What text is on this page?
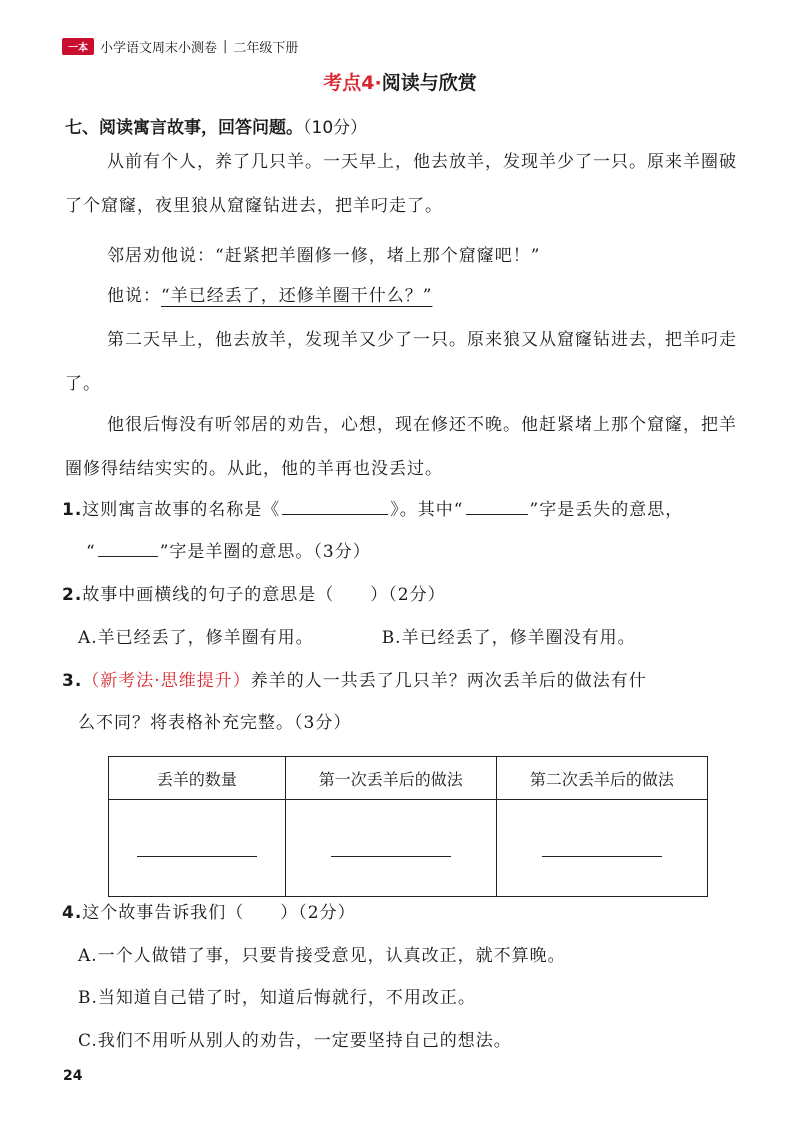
一本 小学语文周末小测卷 | 二年级下册
考点4·阅读与欣赏
七、阅读寓言故事，回答问题。（10分）
从前有个人，养了几只羊。一天早上，他去放羊，发现羊少了一只。原来羊圈破了个窟窿，夜里狼从窟窿钻进去，把羊叼走了。
邻居劝他说：“赶紧把羊圈修一修，堵上那个窟窿吧！”
他说：“羊已经丢了，还修羊圈干什么？”
第二天早上，他去放羊，发现羊又少了一只。原来狼又从窟窿钻进去，把羊叼走了。
他很后悔没有听邻居的劝告，心想，现在修还不晚。他赶紧堵上那个窟窿，把羊圈修得结结实实的。从此，他的羊再也没丢过。
1.这则寓言故事的名称是《	》。其中“	”字是丢失的意思，
“	”字是羊圈的意思。（3分）
2.故事中画横线的句子的意思是（　　）（2分）
A.羊已经丢了，修羊圈有用。	B.羊已经丢了，修羊圈没有用。
3.（新考法·思维提升）养羊的人一共丢了几只羊？两次丢羊后的做法有什
么不同？将表格补充完整。（3分）
丢羊的数量	第一次丢羊后的做法	第二次丢羊后的做法

4.这个故事告诉我们（　　）（2分）
A.一个人做错了事，只要肯接受意见，认真改正，就不算晚。
B.当知道自己错了时，知道后悔就行，不用改正。
C.我们不用听从别人的劝告，一定要坚持自己的想法。
24
